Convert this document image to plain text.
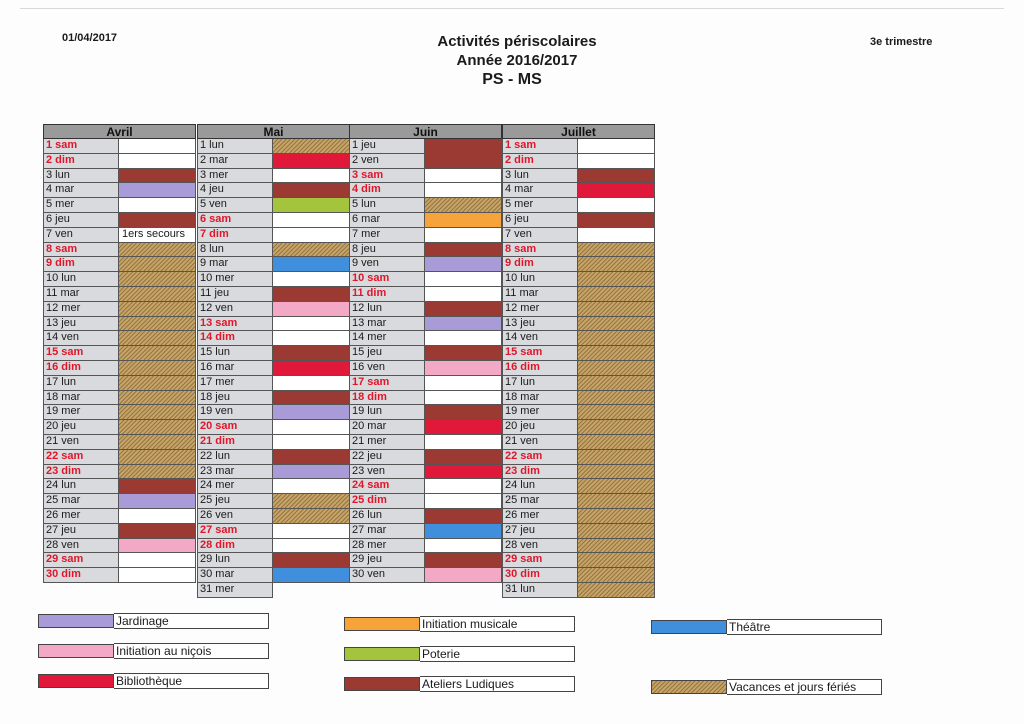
01/04/2017	3e trimestre
Activités périscolaires
Année 2016/2017
PS - MS
Avril
1 sam
2 dim
3 lun
4 mar
5 mer
6 jeu
7 ven	1ers secours
8 sam
9 dim
10 lun
11 mar
12 mer
13 jeu
14 ven
15 sam
16 dim
17 lun
18 mar
19 mer
20 jeu
21 ven
22 sam
23 dim
24 lun
25 mar
26 mer
27 jeu
28 ven
29 sam
30 dim
Mai
1 lun
2 mar
3 mer
4 jeu
5 ven
6 sam
7 dim
8 lun
9 mar
10 mer
11 jeu
12 ven
13 sam
14 dim
15 lun
16 mar
17 mer
18 jeu
19 ven
20 sam
21 dim
22 lun
23 mar
24 mer
25 jeu
26 ven
27 sam
28 dim
29 lun
30 mar
31 mer
Juin
1 jeu
2 ven
3 sam
4 dim
5 lun
6 mar
7 mer
8 jeu
9 ven
10 sam
11 dim
12 lun
13 mar
14 mer
15 jeu
16 ven
17 sam
18 dim
19 lun
20 mar
21 mer
22 jeu
23 ven
24 sam
25 dim
26 lun
27 mar
28 mer
29 jeu
30 ven
Juillet
1 sam
2 dim
3 lun
4 mar
5 mer
6 jeu
7 ven
8 sam
9 dim
10 lun
11 mar
12 mer
13 jeu
14 ven
15 sam
16 dim
17 lun
18 mar
19 mer
20 jeu
21 ven
22 sam
23 dim
24 lun
25 mar
26 mer
27 jeu
28 ven
29 sam
30 dim
31 lun
Jardinage
Initiation au niçois
Bibliothèque
Initiation musicale
Poterie
Ateliers Ludiques
Théâtre
Vacances et jours fériés
